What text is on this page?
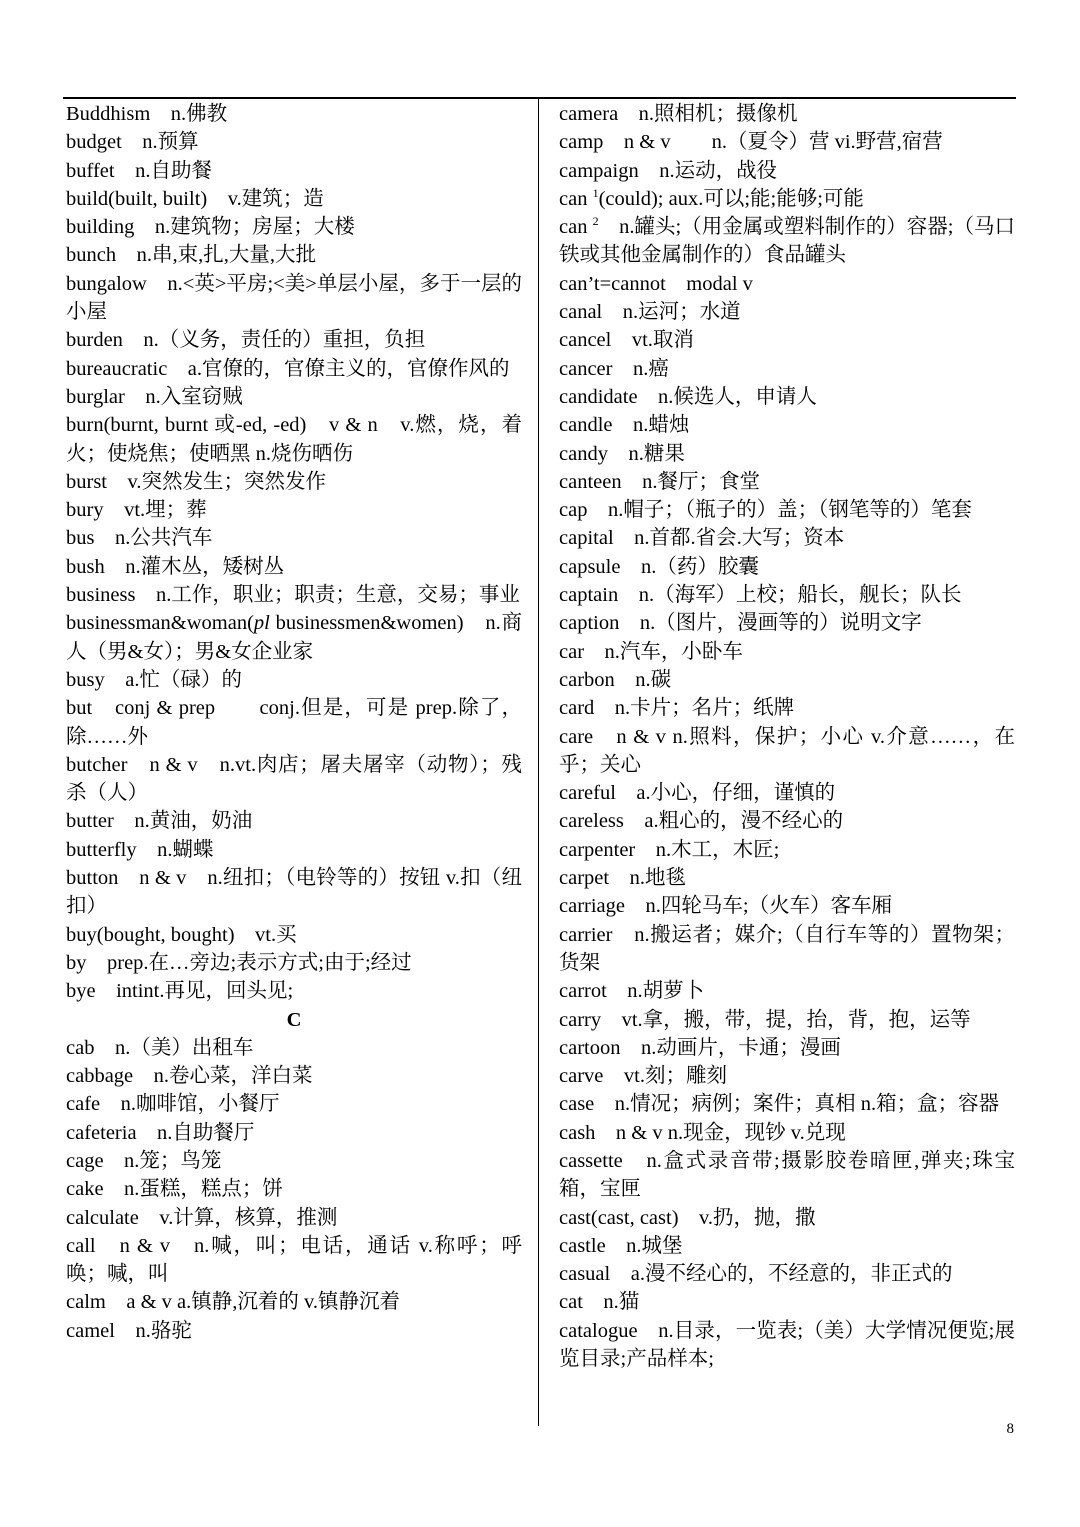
Buddhism　n.佛教

budget　n.预算

buffet　n.自助餐

build(built, built)　v.建筑；造

building　n.建筑物；房屋；大楼

bunch　n.串,束,扎,大量,大批

bungalow　n.<英>平房;<美>单层小屋，多于一层的小屋

burden　n.（义务，责任的）重担，负担

bureaucratic　a.官僚的，官僚主义的，官僚作风的

burglar　n.入室窃贼

burn(burnt, burnt 或-ed, -ed)　v & n　v.燃，烧，着火；使烧焦；使晒黑 n.烧伤晒伤

burst　v.突然发生；突然发作

bury　vt.埋；葬

bus　n.公共汽车

bush　n.灌木丛，矮树丛

business　n.工作，职业；职责；生意，交易；事业

businessman&woman(pl businessmen&women)　n.商人（男&女）；男&女企业家

busy　a.忙（碌）的

but　conj & prep　　conj.但是，可是 prep.除了，除……外

butcher　n & v　n.vt.肉店；屠夫屠宰（动物）；残杀（人）

butter　n.黄油，奶油

butterfly　n.蝴蝶

button　n & v　n.纽扣；（电铃等的）按钮 v.扣（纽扣）

buy(bought, bought)　vt.买

by　prep.在…旁边;表示方式;由于;经过

bye　intint.再见，回头见;

C

cab　n.（美）出租车

cabbage　n.卷心菜，洋白菜

cafe　n.咖啡馆，小餐厅

cafeteria　n.自助餐厅

cage　n.笼；鸟笼

cake　n.蛋糕，糕点；饼

calculate　v.计算，核算，推测

call　n & v　n.喊，叫；电话，通话 v.称呼；呼唤；喊，叫

calm　a & v a.镇静,沉着的 v.镇静沉着

camel　n.骆驼

camera　n.照相机；摄像机

camp　n & v　　n.（夏令）营 vi.野营,宿营

campaign　n.运动，战役

can $^1$(could); aux.可以;能;能够;可能

can $^2$　n.罐头;（用金属或塑料制作的）容器;（马口铁或其他金属制作的）食品罐头

can’t=cannot　modal v

canal　n.运河；水道

cancel　vt.取消

cancer　n.癌

candidate　n.候选人，申请人

candle　n.蜡烛

candy　n.糖果

canteen　n.餐厅；食堂

cap　n.帽子；（瓶子的）盖；（钢笔等的）笔套

capital　n.首都.省会.大写；资本

capsule　n.（药）胶囊

captain　n.（海军）上校；船长，舰长；队长

caption　n.（图片，漫画等的）说明文字

car　n.汽车，小卧车

carbon　n.碳

card　n.卡片；名片；纸牌

care　n & v n.照料，保护；小心 v.介意……，在乎；关心

careful　a.小心，仔细，谨慎的

careless　a.粗心的，漫不经心的

carpenter　n.木工，木匠;

carpet　n.地毯

carriage　n.四轮马车;（火车）客车厢

carrier　n.搬运者；媒介;（自行车等的）置物架；货架

carrot　n.胡萝卜

carry　vt.拿，搬，带，提，抬，背，抱，运等

cartoon　n.动画片，卡通；漫画

carve　vt.刻；雕刻

case　n.情况；病例；案件；真相 n.箱；盒；容器

cash　n & v n.现金，现钞 v.兑现

cassette　n.盒式录音带;摄影胶卷暗匣,弹夹;珠宝箱，宝匣

cast(cast, cast)　v.扔，抛，撒

castle　n.城堡

casual　a.漫不经心的，不经意的，非正式的

cat　n.猫

catalogue　n.目录，一览表;（美）大学情况便览;展览目录;产品样本;

8
